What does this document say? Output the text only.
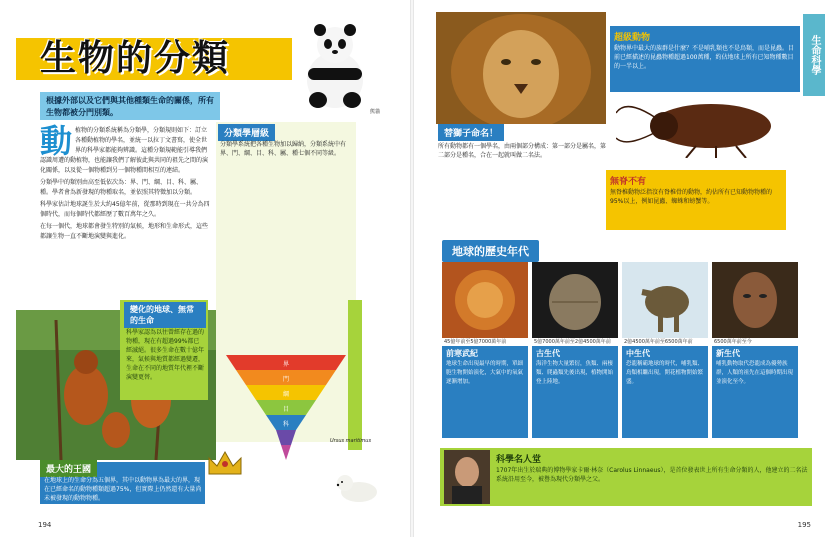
生物的分類
熊貓
根據外部以及它們與其他種類生命的關係，所有生物都被分門別類。
動 植物的分類系統稱為分類學，分類規則如下：訂立各種動植物的學名，並統一以拉丁文書寫，使全世界的科學家都能夠辨識。這種分類規範能引導我們認識周遭的動植物，也能讓我們了解彼此與共同的祖先之間的演化關係，以及從一個物種到另一個物種間相互的連結。

分類學中的類別由高至低依次為：界、門、綱、目、科、屬、種。學者會為新發現的物種取名，並依照其特徵加以分類。

科學家估計地球誕生於大約45億年前，從那時到現在一共分為四個時代，而每個時代都經歷了數百萬年之久。

在每一個代，地球都會發生特別的氣候，地形和生命形式，這些都讓生物一直不斷地演變與進化。

分類學層級
分類學系統把各種生物加以歸納，分類系統中有界、門、綱、目、科、屬、種七個不同等級。
界
門
綱
目
科
Ursus maritimus
變化的地球、無常的生命
科學家認為以往曾經存在過的物種，現在有超過99%都已經滅絕。很多生命在數十億年來，氣候與地質都經過變遷，生命在不同的地質年代裡不斷演變更替。
最大的王國
在地球上的生命分為五個界，其中以動物界為最大的界，現在已經命名的動物種類超過75%，但實際上仍然還有大量尚未被發現的動物物種。
194
生命科學
替獅子命名！
所有動物都有一個學名，由兩個部分構成：第一部分是屬名，第二部分是種名，合在一起就叫做二名法。
超級動物
動物界中最大的族群是什麼？不是哺乳類也不是鳥類，而是昆蟲。目前已經描述的昆蟲物種超過100萬種，約佔地球上所有已知物種數目的一半以上。
無脊不有
無脊椎動物泛指沒有脊椎骨的動物，約佔所有已知動物物種的95%以上，例如昆蟲、蜘蛛和螃蟹等。
195
地球的歷史年代
45億年前至5億7000萬年前	5億7000萬年前至2億4500萬年前	2億4500萬年前至6500萬年前	6500萬年前至今
前寒武紀
地球生命出現最早的時期，單細胞生物開始演化，大氣中的氧氣逐漸增加。
古生代
海洋生物大量繁衍，魚類、兩棲類、爬蟲類先後出現，植物開始登上陸地。
中生代
恐龍稱霸地球的時代，哺乳類、鳥類相繼出現，開花植物開始繁盛。
新生代
哺乳動物取代恐龍成為優勢族群，人類的祖先在這個時期出現並演化至今。
科學名人堂
1707年出生於瑞典的博物學家卡爾·林奈（Carolus Linnaeus），是首位發表世上所有生命分類的人，他建立的二名法系統沿用至今，被譽為現代分類學之父。
